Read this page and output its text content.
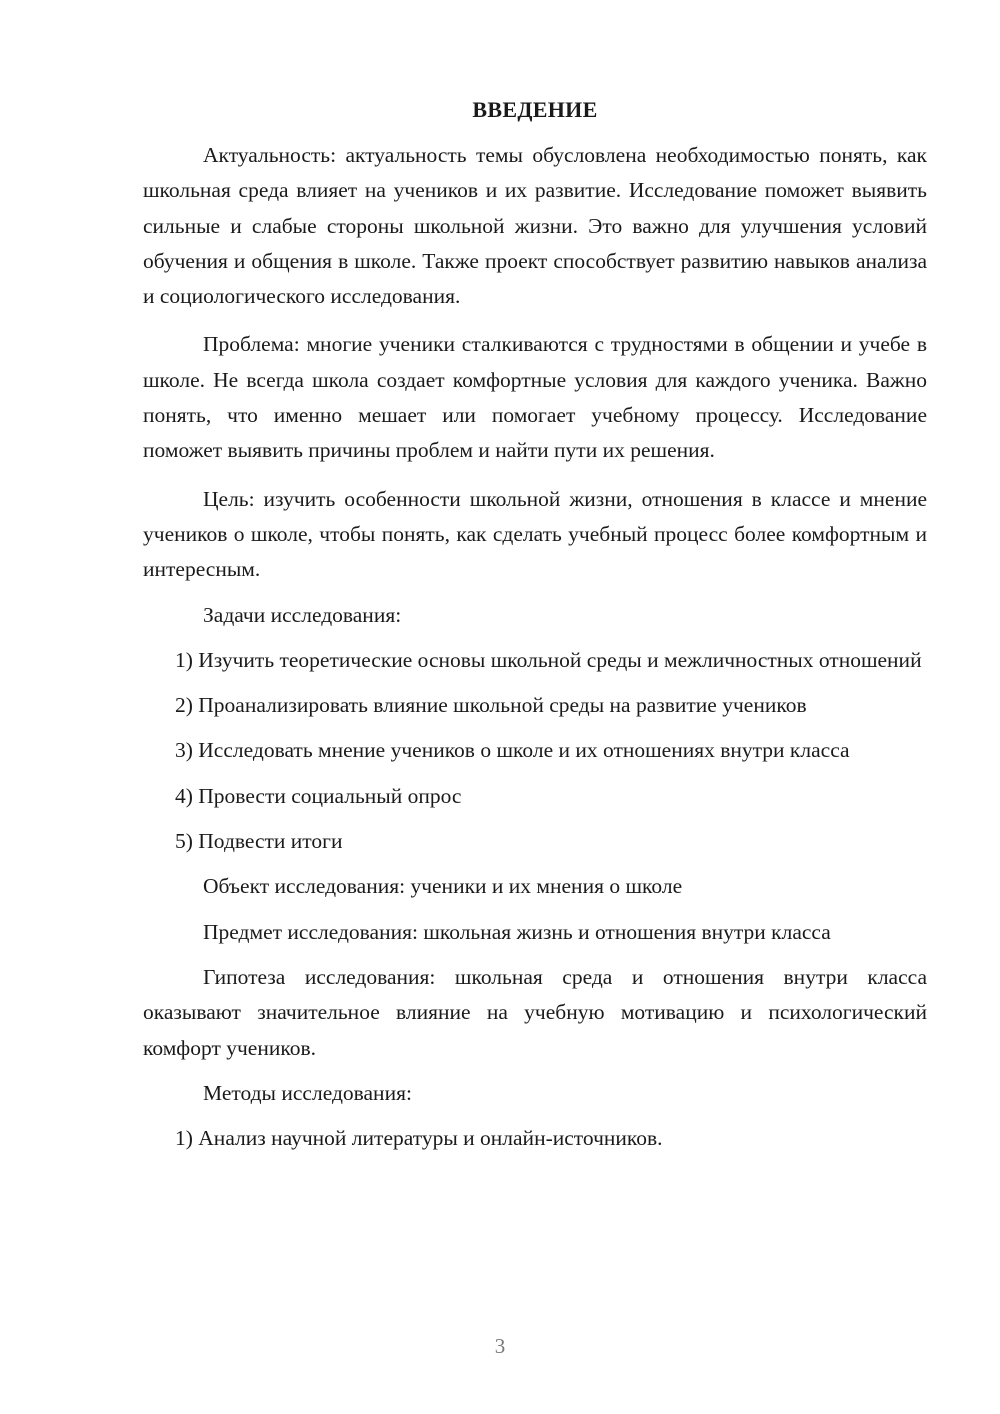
ВВЕДЕНИЕ

Актуальность: актуальность темы обусловлена необходимостью понять, как школьная среда влияет на учеников и их развитие. Исследование поможет выявить сильные и слабые стороны школьной жизни. Это важно для улучшения условий обучения и общения в школе. Также проект способствует развитию навыков анализа и социологического исследования.

Проблема: многие ученики сталкиваются с трудностями в общении и учебе в школе. Не всегда школа создает комфортные условия для каждого ученика. Важно понять, что именно мешает или помогает учебному процессу. Исследование поможет выявить причины проблем и найти пути их решения.

Цель: изучить особенности школьной жизни, отношения в классе и мнение учеников о школе, чтобы понять, как сделать учебный процесс более комфортным и интересным.

Задачи исследования:

1) Изучить теоретические основы школьной среды и межличностных отношений

2) Проанализировать влияние школьной среды на развитие учеников

3) Исследовать мнение учеников о школе и их отношениях внутри класса

4) Провести социальный опрос

5) Подвести итоги

Объект исследования: ученики и их мнения о школе

Предмет исследования: школьная жизнь и отношения внутри класса

Гипотеза исследования: школьная среда и отношения внутри класса оказывают значительное влияние на учебную мотивацию и психологический комфорт учеников.

Методы исследования:

1) Анализ научной литературы и онлайн-источников.

3
